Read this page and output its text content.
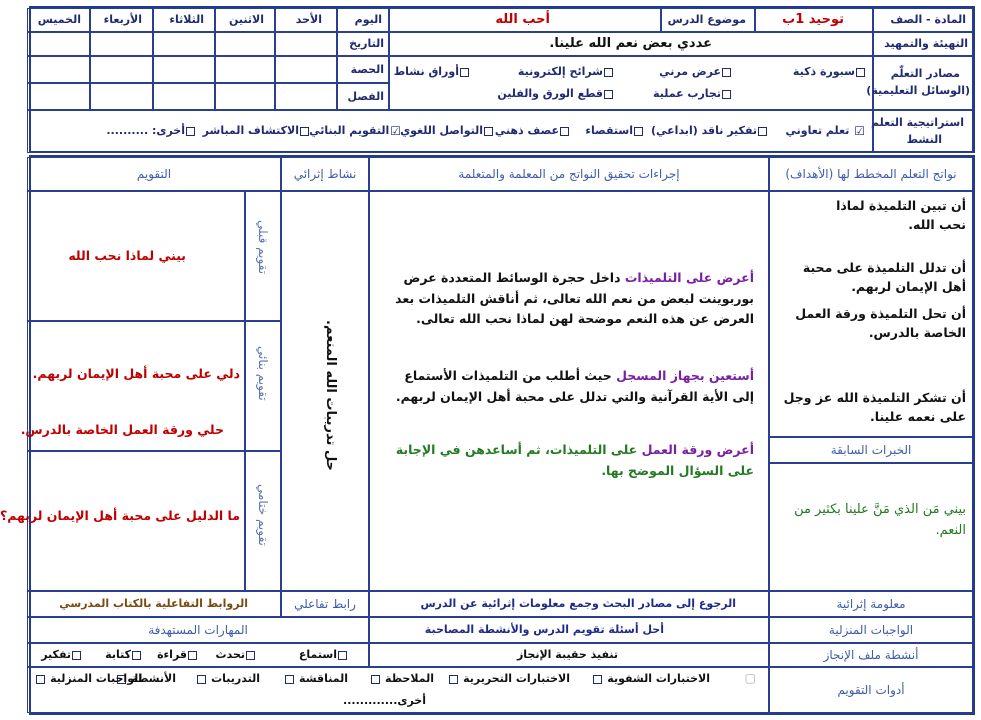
المادة - الصف
توحيد 1ب
موضوع الدرس
أحب الله
اليوم
الأحد
الاثنين
الثلاثاء
الأربعاء
الخميس
التهيئة والتمهيد
عددي بعض نعم الله علينا.
التاريخ
مصادر التعلّم
(الوسائل التعليمية)
سبورة ذكية
عرض مرني
شرائح إلكترونية
أوراق نشاط
تجارب عملية
قطع الورق والفلين
الحصة
الفصل
استراتيجية التعلم
النشط
☑ تعلم تعاوني
تفكير ناقد (ابداعي)
استقصاء
عصف ذهني
التواصل اللغوي
☑التقويم البنائي
الاكتشاف المباشر
أخرى: ..........
نواتج التعلم المخطط لها (الأهداف)
إجراءات تحقيق النواتج من المعلمة والمتعلمة
نشاط إثرائي
التقويم
أن تبين التلميذة لماذا نحب الله.
أن تدلل التلميذة على محبة أهل الإيمان لربهم.
أن تحل التلميذة ورقة العمل الخاصة بالدرس.
أن تشكر التلميذة الله عز وجل على نعمه علينا.
الخبرات السابقة
بيني مَن الذي مَنَّ علينا بكثير من النعم.
أعرض على التلميذات داخل حجرة الوسائط المتعددة عرض بوربوينت لبعض من نعم الله تعالى، ثم أناقش التلميذات بعد العرض عن هذه النعم موضحة لهن لماذا نحب الله تعالى.
أستعين بجهاز المسجل حيث أطلب من التلميذات الأستماع إلى الأية القرآنية والتي تدلل على محبة أهل الإيمان لربهم.
أعرض ورقة العمل على التلميذات، ثم أساعدهن في الإجابة على السؤال الموضح بها.
حل تدريبات الله المنعم.
تقويم قبلي
بيني لماذا نحب الله
تقويم بنائي
دلي على محبة أهل الإيمان لربهم.
حلي ورقة العمل الخاصة بالدرس.
تقويم ختامي
ما الدليل على محبة أهل الإيمان لربهم؟
معلومة إثرائية
الرجوع إلى مصادر البحث وجمع معلومات إثرائية عن الدرس
رابط تفاعلي
الروابط التفاعلية بالكتاب المدرسي
الواجبات المنزلية
أحل أسئلة تقويم الدرس والأنشطة المصاحبة
المهارات المستهدفة
أنشطة ملف الإنجاز
تنفيذ حقيبة الإنجاز
استماع
تحدث
قراءة
كتابة
تفكير
أدوات التقويم
▢
الاختبارات الشفوية
الاختبارات التحريرية
الملاحظة
المناقشة
التدريبات
الأنشطة
الواجبات المنزلية
أخرى.............
